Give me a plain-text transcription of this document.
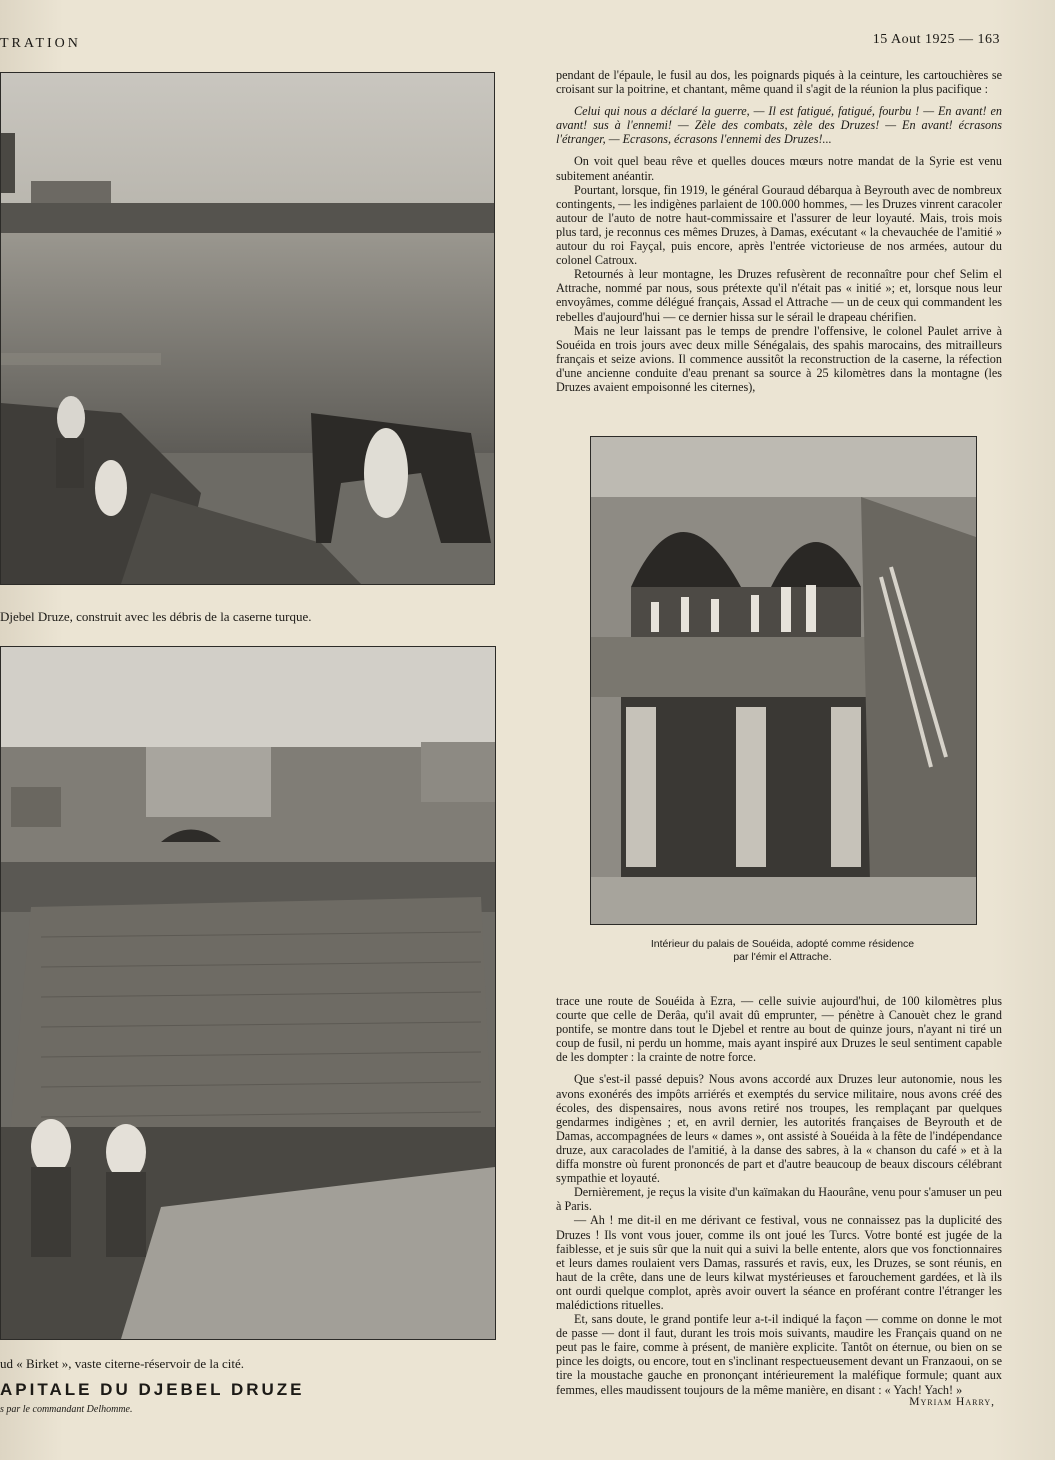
TRATION	15 Aout 1925 — 163
Djebel Druze, construit avec les débris de la caserne turque.
ud « Birket », vaste citerne-réservoir de la cité.
APITALE DU DJEBEL DRUZE
s par le commandant Delhomme.

pendant de l'épaule, le fusil au dos, les poignards piqués à la ceinture, les cartouchières se croisant sur la poitrine, et chantant, même quand il s'agit de la réunion la plus pacifique :

Celui qui nous a déclaré la guerre, — Il est fatigué, fatigué, fourbu ! — En avant! en avant! sus à l'ennemi! — Zèle des combats, zèle des Druzes! — En avant! écrasons l'étranger, — Ecrasons, écrasons l'ennemi des Druzes!...

On voit quel beau rêve et quelles douces mœurs notre mandat de la Syrie est venu subitement anéantir.

Pourtant, lorsque, fin 1919, le général Gouraud débarqua à Beyrouth avec de nombreux contingents, — les indigènes parlaient de 100.000 hommes, — les Druzes vinrent caracoler autour de l'auto de notre haut-commissaire et l'assurer de leur loyauté. Mais, trois mois plus tard, je reconnus ces mêmes Druzes, à Damas, exécutant « la chevauchée de l'amitié » autour du roi Fayçal, puis encore, après l'entrée victorieuse de nos armées, autour du colonel Catroux.

Retournés à leur montagne, les Druzes refusèrent de reconnaître pour chef Selim el Attrache, nommé par nous, sous prétexte qu'il n'était pas « initié »; et, lorsque nous leur envoyâmes, comme délégué français, Assad el Attrache — un de ceux qui commandent les rebelles d'aujourd'hui — ce dernier hissa sur le sérail le drapeau chérifien.

Mais ne leur laissant pas le temps de prendre l'offensive, le colonel Paulet arrive à Souéida en trois jours avec deux mille Sénégalais, des spahis marocains, des mitrailleurs français et seize avions. Il commence aussitôt la reconstruction de la caserne, la réfection d'une ancienne conduite d'eau prenant sa source à 25 kilomètres dans la montagne (les Druzes avaient empoisonné les citernes),

Intérieur du palais de Souéida, adopté comme résidence
par l'émir el Attrache.

trace une route de Souéida à Ezra, — celle suivie aujourd'hui, de 100 kilomètres plus courte que celle de Derâa, qu'il avait dû emprunter, — pénètre à Canouèt chez le grand pontife, se montre dans tout le Djebel et rentre au bout de quinze jours, n'ayant ni tiré un coup de fusil, ni perdu un homme, mais ayant inspiré aux Druzes le seul sentiment capable de les dompter : la crainte de notre force.

Que s'est-il passé depuis? Nous avons accordé aux Druzes leur autonomie, nous les avons exonérés des impôts arriérés et exemptés du service militaire, nous avons créé des écoles, des dispensaires, nous avons retiré nos troupes, les remplaçant par quelques gendarmes indigènes ; et, en avril dernier, les autorités françaises de Beyrouth et de Damas, accompagnées de leurs « dames », ont assisté à Souéida à la fête de l'indépendance druze, aux caracolades de l'amitié, à la danse des sabres, à la « chanson du café » et à la diffa monstre où furent prononcés de part et d'autre beaucoup de beaux discours célébrant sympathie et loyauté.

Dernièrement, je reçus la visite d'un kaïmakan du Haourâne, venu pour s'amuser un peu à Paris.

— Ah ! me dit-il en me dérivant ce festival, vous ne connaissez pas la duplicité des Druzes ! Ils vont vous jouer, comme ils ont joué les Turcs. Votre bonté est jugée de la faiblesse, et je suis sûr que la nuit qui a suivi la belle entente, alors que vos fonctionnaires et leurs dames roulaient vers Damas, rassurés et ravis, eux, les Druzes, se sont réunis, en haut de la crête, dans une de leurs kilwat mystérieuses et farouchement gardées, et là ils ont ourdi quelque complot, après avoir ouvert la séance en proférant contre l'étranger les malédictions rituelles.

Et, sans doute, le grand pontife leur a-t-il indiqué la façon — comme on donne le mot de passe — dont il faut, durant les trois mois suivants, maudire les Français quand on ne peut pas le faire, comme à présent, de manière explicite. Tantôt on éternue, ou bien on se pince les doigts, ou encore, tout en s'inclinant respectueusement devant un Franzaoui, on se tire la moustache gauche en prononçant intérieurement la maléfique formule; quant aux femmes, elles maudissent toujours de la même manière, en disant : « Yach! Yach! »

Myriam Harry,
